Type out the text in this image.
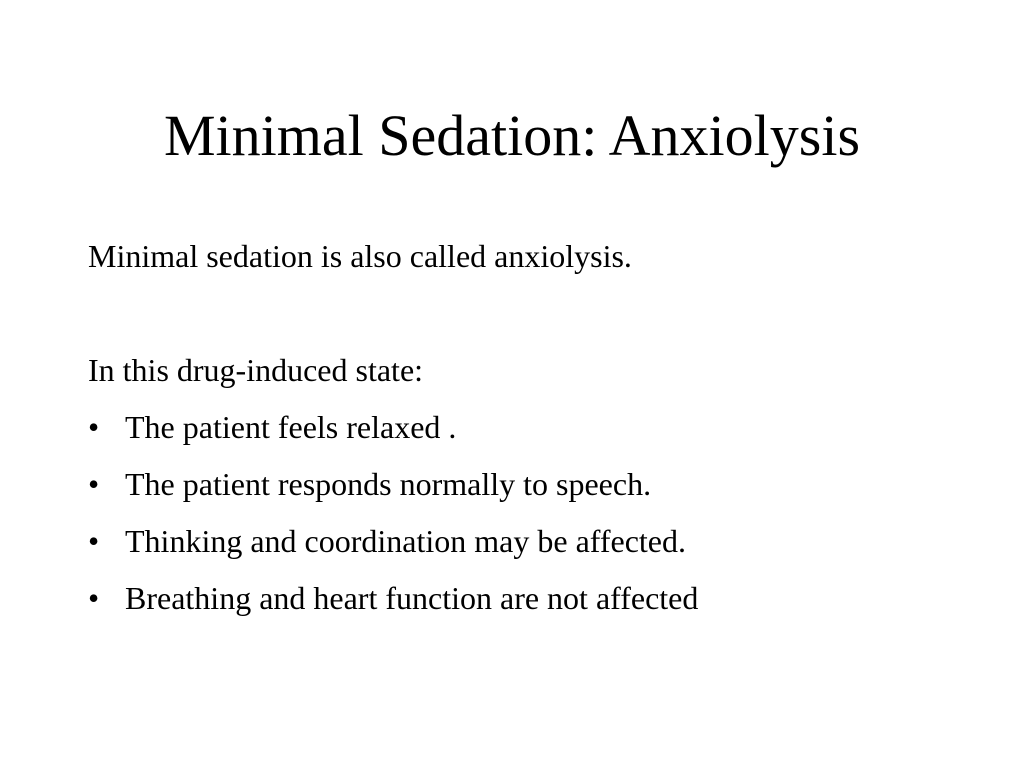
Minimal Sedation: Anxiolysis

Minimal sedation is also called anxiolysis.

In this drug-induced state:

• The patient feels relaxed .
• The patient responds normally to speech.
• Thinking and coordination may be affected.
• Breathing and heart function are not affected
